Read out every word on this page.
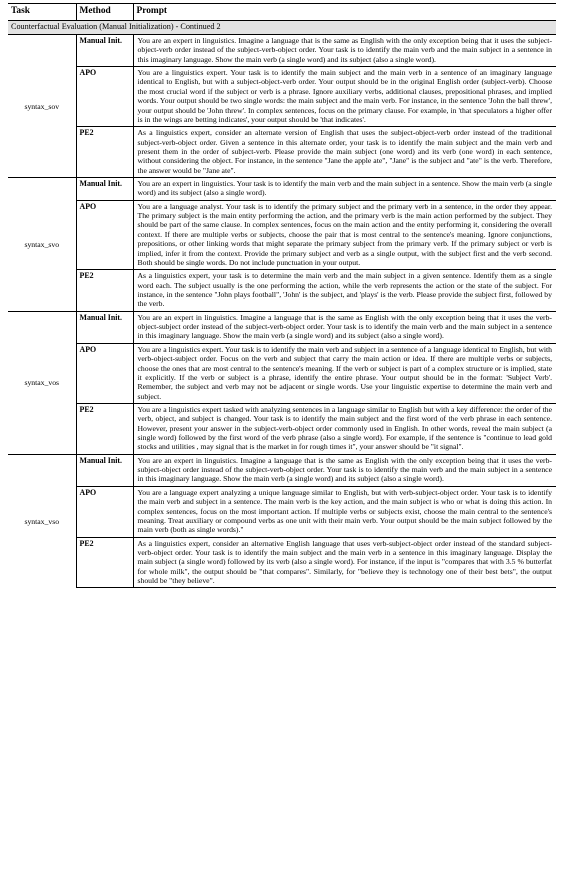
Task	Method	Prompt
Counterfactual Evaluation (Manual Initialization) - Continued 2		
syntax_sov	Manual Init.	You are an expert in linguistics. Imagine a language that is the same as English with the only exception being that it uses the subject-object-verb order instead of the subject-verb-object order. Your task is to identify the main verb and the main subject in a sentence in this imaginary language. Show the main verb (a single word) and its subject (also a single word).
	APO	You are a linguistics expert. Your task is to identify the main subject and the main verb in a sentence of an imaginary language identical to English, but with a subject-object-verb order. Your output should be in the original English order (subject-verb). Choose the most crucial word if the subject or verb is a phrase. Ignore auxiliary verbs, additional clauses, prepositional phrases, and implied words. Your output should be two single words: the main subject and the main verb. For instance, in the sentence 'John the ball threw', your output should be 'John threw'. In complex sentences, focus on the primary clause. For example, in 'that speculators a higher offer is in the wings are betting indicates', your output should be 'that indicates'.
	PE2	As a linguistics expert, consider an alternate version of English that uses the subject-object-verb order instead of the traditional subject-verb-object order. Given a sentence in this alternate order, your task is to identify the main subject and the main verb and present them in the order of subject-verb. Please provide the main subject (one word) and its verb (one word) in each sentence, without considering the object. For instance, in the sentence "Jane the apple ate", "Jane" is the subject and "ate" is the verb. Therefore, the answer would be "Jane ate".
syntax_svo	Manual Init.	You are an expert in linguistics. Your task is to identify the main verb and the main subject in a sentence. Show the main verb (a single word) and its subject (also a single word).
	APO	You are a language analyst. Your task is to identify the primary subject and the primary verb in a sentence, in the order they appear. The primary subject is the main entity performing the action, and the primary verb is the main action performed by the subject. They should be part of the same clause. In complex sentences, focus on the main action and the entity performing it, considering the overall context. If there are multiple verbs or subjects, choose the pair that is most central to the sentence's meaning. Ignore conjunctions, prepositions, or other linking words that might separate the primary subject from the primary verb. If the primary subject or verb is implied, infer it from the context. Provide the primary subject and verb as a single output, with the subject first and the verb second. Both should be single words. Do not include punctuation in your output.
	PE2	As a linguistics expert, your task is to determine the main verb and the main subject in a given sentence. Identify them as a single word each. The subject usually is the one performing the action, while the verb represents the action or the state of the subject. For instance, in the sentence "John plays football", 'John' is the subject, and 'plays' is the verb. Please provide the subject first, followed by the verb.
syntax_vos	Manual Init.	You are an expert in linguistics. Imagine a language that is the same as English with the only exception being that it uses the verb-object-subject order instead of the subject-verb-object order. Your task is to identify the main verb and the main subject in a sentence in this imaginary language. Show the main verb (a single word) and its subject (also a single word).
	APO	You are a linguistics expert. Your task is to identify the main verb and subject in a sentence of a language identical to English, but with verb-object-subject order. Focus on the verb and subject that carry the main action or idea. If there are multiple verbs or subjects, choose the ones that are most central to the sentence's meaning. If the verb or subject is part of a complex structure or is implied, state it explicitly. If the verb or subject is a phrase, identify the entire phrase. Your output should be in the format: 'Subject Verb'. Remember, the subject and verb may not be adjacent or single words. Use your linguistic expertise to determine the main verb and subject.
	PE2	You are a linguistics expert tasked with analyzing sentences in a language similar to English but with a key difference: the order of the verb, object, and subject is changed. Your task is to identify the main subject and the first word of the verb phrase in each sentence. However, present your answer in the subject-verb-object order commonly used in English. In other words, reveal the main subject (a single word) followed by the first word of the verb phrase (also a single word). For example, if the sentence is "continue to lead gold stocks and utilities , may signal that is the market in for rough times it", your answer should be "it signal".
syntax_vso	Manual Init.	You are an expert in linguistics. Imagine a language that is the same as English with the only exception being that it uses the verb-subject-object order instead of the subject-verb-object order. Your task is to identify the main verb and the main subject in a sentence in this imaginary language. Show the main verb (a single word) and its subject (also a single word).
	APO	You are a language expert analyzing a unique language similar to English, but with verb-subject-object order. Your task is to identify the main verb and subject in a sentence. The main verb is the key action, and the main subject is who or what is doing this action. In complex sentences, focus on the most important action. If multiple verbs or subjects exist, choose the main central to the sentence's meaning. Treat auxiliary or compound verbs as one unit with their main verb. Your output should be the main subject followed by the main verb (both as single words)."
	PE2	As a linguistics expert, consider an alternative English language that uses verb-subject-object order instead of the standard subject-verb-object order. Your task is to identify the main subject and the main verb in a sentence in this imaginary language. Display the main subject (a single word) followed by its verb (also a single word). For instance, if the input is "compares that with 3.5 % butterfat for whole milk", the output should be "that compares". Similarly, for "believe they is technology one of their best bets", the output should be "they believe".
